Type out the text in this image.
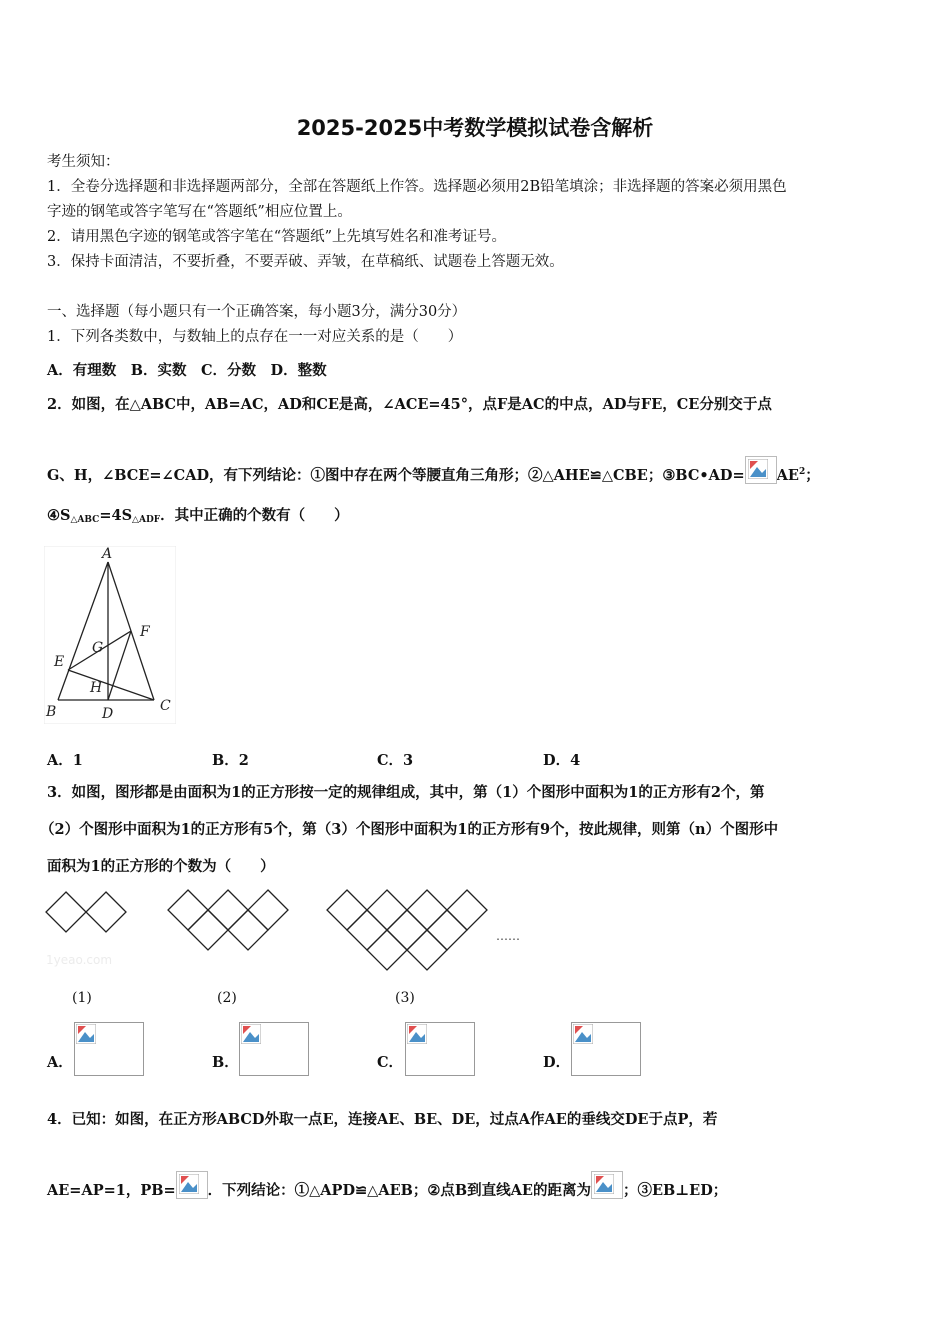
2025-2025中考数学模拟试卷含解析
考生须知：
1．全卷分选择题和非选择题两部分，全部在答题纸上作答。选择题必须用2B铅笔填涂；非选择题的答案必须用黑色
字迹的钢笔或答字笔写在“答题纸”相应位置上。
2．请用黑色字迹的钢笔或答字笔在“答题纸”上先填写姓名和准考证号。
3．保持卡面清洁，不要折叠，不要弄破、弄皱，在草稿纸、试题卷上答题无效。
一、选择题（每小题只有一个正确答案，每小题3分，满分30分）
1．下列各类数中，与数轴上的点存在一一对应关系的是（　　）
A．有理数　B．实数　C．分数　D．整数
2．如图，在△ABC中，AB=AC，AD和CE是高，∠ACE=45°，点F是AC的中点，AD与FE，CE分别交于点
G、H，∠BCE=∠CAD，有下列结论：①图中存在两个等腰直角三角形；②△AHE≌△CBE；③BC•AD= $AE^2$；
$④S_{\triangle ABC}=4S_{\triangle ADF}$．其中正确的个数有（　　）
A
F
G
E
H
B	D	C
A．1	B．2	C．3	D．4
3．如图，图形都是由面积为1的正方形按一定的规律组成，其中，第（1）个图形中面积为1的正方形有2个，第
（2）个图形中面积为1的正方形有5个，第（3）个图形中面积为1的正方形有9个，按此规律，则第（n）个图形中
面积为1的正方形的个数为（　　）
1yeao.com
……
(1)	(2)	(3)
A．	B．	C．	D．
4．已知：如图，在正方形ABCD外取一点E，连接AE、BE、DE，过点A作AE的垂线交DE于点P，若
AE=AP=1，PB= ．下列结论：①△APD≌△AEB；②点B到直线AE的距离为 ；③EB⊥ED；
